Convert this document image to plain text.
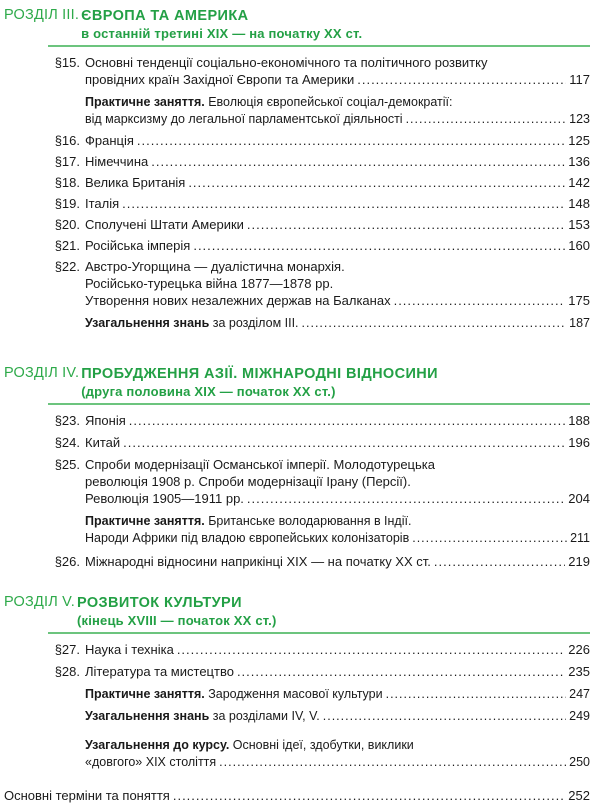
РОЗДІЛ III. ЄВРОПА ТА АМЕРИКА
в останній третині XIX — на початку XX ст.
§15. Основні тенденції соціально-економічного та політичного розвитку
провідних країн Західної Європи та Америки .....	117
Практичне заняття. Еволюція європейської соціал-демократії:
від марксизму до легальної парламентської діяльності .....	123
§16. Франція .....	125
§17. Німеччина .....	136
§18. Велика Британія .....	142
§19. Італія .....	148
§20. Сполучені Штати Америки .....	153
§21. Російська імперія .....	160
§22. Австро-Угорщина — дуалістична монархія.
Російсько-турецька війна 1877—1878 рр.
Утворення нових незалежних держав на Балканах .....	175
Узагальнення знань за розділом III. .....	187
РОЗДІЛ IV. ПРОБУДЖЕННЯ АЗІЇ. МІЖНАРОДНІ ВІДНОСИНИ
(друга половина XIX — початок XX ст.)
§23. Японія .....	188
§24. Китай .....	196
§25. Спроби модернізації Османської імперії. Молодотурецька
революція 1908 р. Спроби модернізації Ірану (Персії).
Революція 1905—1911 рр. .....	204
Практичне заняття. Британське володарювання в Індії.
Народи Африки під владою європейських колонізаторів .....	211
§26. Міжнародні відносини наприкінці XIX — на початку XX ст. .....	219
РОЗДІЛ V. РОЗВИТОК КУЛЬТУРИ
(кінець XVIII — початок XX ст.)
§27. Наука і техніка .....	226
§28. Література та мистецтво .....	235
Практичне заняття. Зародження масової культури .....	247
Узагальнення знань за розділами IV, V. .....	249
Узагальнення до курсу. Основні ідеї, здобутки, виклики
«довгого» XIX століття .....	250
Основні терміни та поняття .....	252
